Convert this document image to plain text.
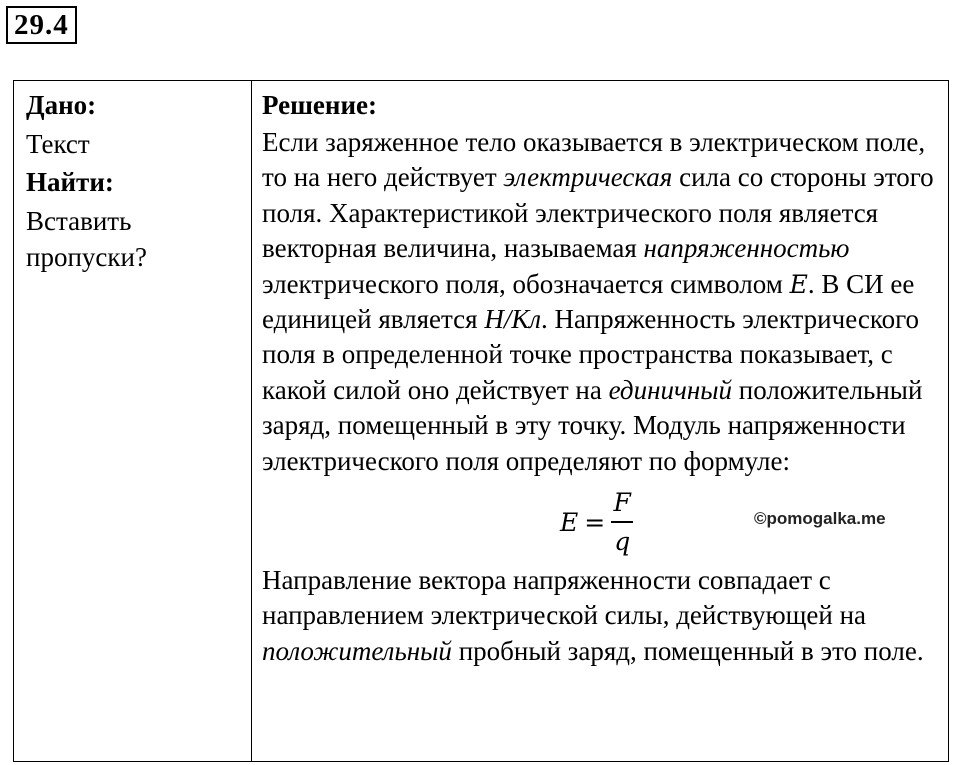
29.4
Дано:
Текст
Найти:
Вставить
пропуски?

Решение:

Если заряженное тело оказывается в электрическом поле, то на него действует электрическая сила со стороны этого поля. Характеристикой электрического поля является векторная величина, называемая напряженностью электрического поля, обозначается символом E. В СИ ее единицей является Н/Кл. Напряженность электрического поля в определенной точке пространства показывает, с какой силой оно действует на единичный положительный заряд, помещенный в эту точку. Модуль напряженности электрического поля определяют по формуле:

$E = \frac{F}{q}$	©pomogalka.me

Направление вектора напряженности совпадает с направлением электрической силы, действующей на положительный пробный заряд, помещенный в это поле.
